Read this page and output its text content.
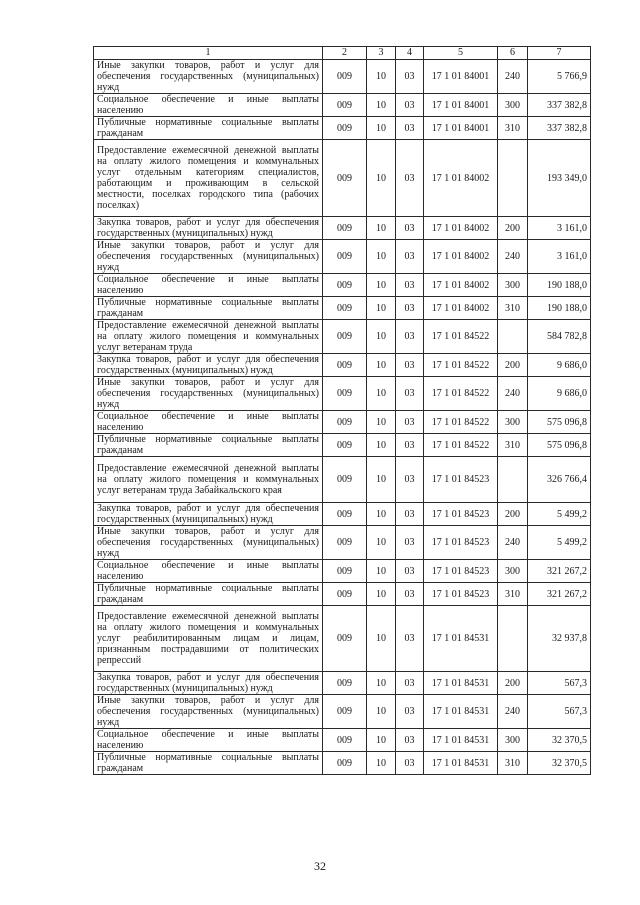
1	2	3	4	5	6	7
Иные закупки товаров, работ и услуг для обеспечения государственных (муниципальных) нужд	009	10	03	17 1 01 84001	240	5 766,9
Социальное обеспечение и иные выплаты населению	009	10	03	17 1 01 84001	300	337 382,8
Публичные нормативные социальные выплаты гражданам	009	10	03	17 1 01 84001	310	337 382,8
Предоставление ежемесячной денежной выплаты на оплату жилого помещения и коммунальных услуг отдельным категориям специалистов, работающим и проживающим в сельской местности, поселках городского типа (рабочих поселках)	009	10	03	17 1 01 84002		193 349,0
Закупка товаров, работ и услуг для обеспечения государственных (муниципальных) нужд	009	10	03	17 1 01 84002	200	3 161,0
Иные закупки товаров, работ и услуг для обеспечения государственных (муниципальных) нужд	009	10	03	17 1 01 84002	240	3 161,0
Социальное обеспечение и иные выплаты населению	009	10	03	17 1 01 84002	300	190 188,0
Публичные нормативные социальные выплаты гражданам	009	10	03	17 1 01 84002	310	190 188,0
Предоставление ежемесячной денежной выплаты на оплату жилого помещения и коммунальных услуг ветеранам труда	009	10	03	17 1 01 84522		584 782,8
Закупка товаров, работ и услуг для обеспечения государственных (муниципальных) нужд	009	10	03	17 1 01 84522	200	9 686,0
Иные закупки товаров, работ и услуг для обеспечения государственных (муниципальных) нужд	009	10	03	17 1 01 84522	240	9 686,0
Социальное обеспечение и иные выплаты населению	009	10	03	17 1 01 84522	300	575 096,8
Публичные нормативные социальные выплаты гражданам	009	10	03	17 1 01 84522	310	575 096,8
Предоставление ежемесячной денежной выплаты на оплату жилого помещения и коммунальных услуг ветеранам труда Забайкальского края	009	10	03	17 1 01 84523		326 766,4
Закупка товаров, работ и услуг для обеспечения государственных (муниципальных) нужд	009	10	03	17 1 01 84523	200	5 499,2
Иные закупки товаров, работ и услуг для обеспечения государственных (муниципальных) нужд	009	10	03	17 1 01 84523	240	5 499,2
Социальное обеспечение и иные выплаты населению	009	10	03	17 1 01 84523	300	321 267,2
Публичные нормативные социальные выплаты гражданам	009	10	03	17 1 01 84523	310	321 267,2
Предоставление ежемесячной денежной выплаты на оплату жилого помещения и коммунальных услуг реабилитированным лицам и лицам, признанным пострадавшими от политических репрессий	009	10	03	17 1 01 84531		32 937,8
Закупка товаров, работ и услуг для обеспечения государственных (муниципальных) нужд	009	10	03	17 1 01 84531	200	567,3
Иные закупки товаров, работ и услуг для обеспечения государственных (муниципальных) нужд	009	10	03	17 1 01 84531	240	567,3
Социальное обеспечение и иные выплаты населению	009	10	03	17 1 01 84531	300	32 370,5
Публичные нормативные социальные выплаты гражданам	009	10	03	17 1 01 84531	310	32 370,5
32
